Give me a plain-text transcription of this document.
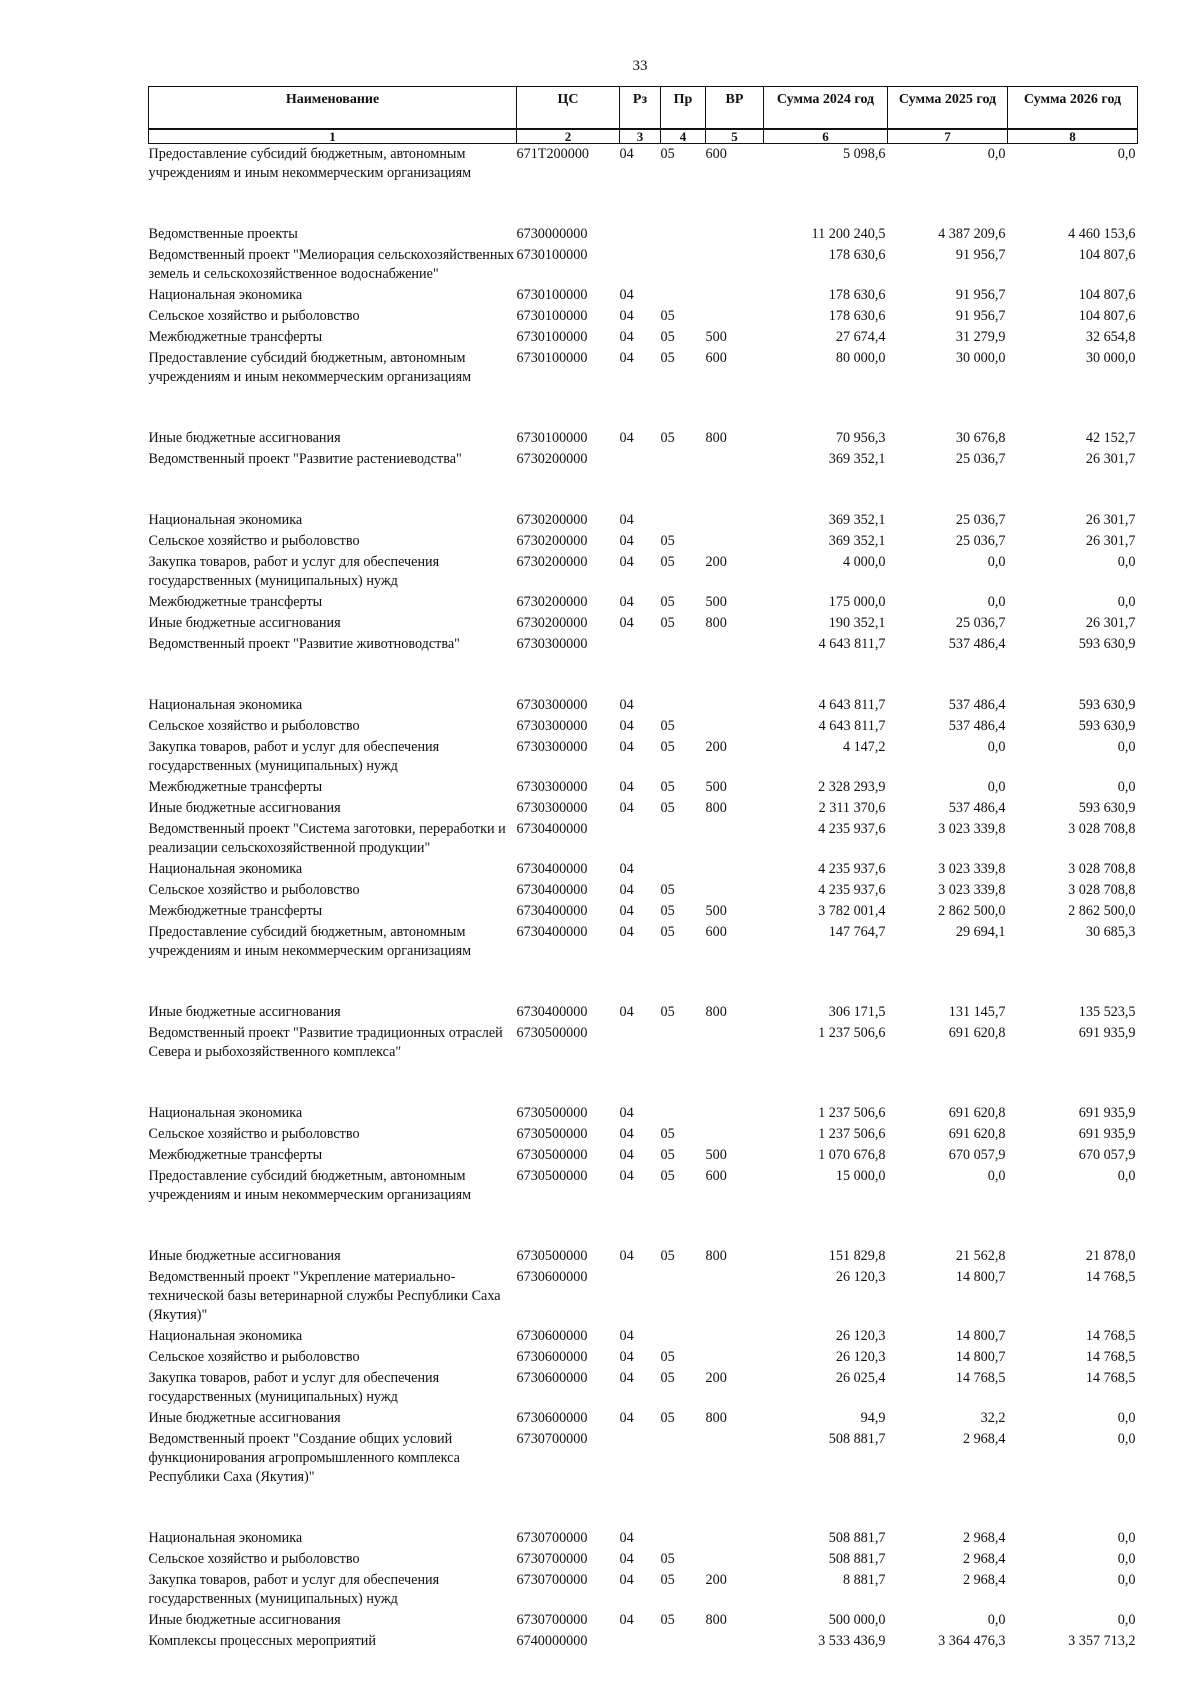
33
Наименование	ЦС	Рз	Пр	ВР	Сумма 2024 год	Сумма 2025 год	Сумма 2026 год
1	2	3	4	5	6	7	8
Предоставление субсидий бюджетным, автономным учреждениям и иным некоммерческим организациям	671Т200000	04	05	600	5 098,6	0,0	0,0

Ведомственные проекты	6730000000				11 200 240,5	4 387 209,6	4 460 153,6
Ведомственный проект "Мелиорация сельскохозяйственных земель и сельскохозяйственное водоснабжение"	6730100000				178 630,6	91 956,7	104 807,6
Национальная экономика	6730100000	04			178 630,6	91 956,7	104 807,6
Сельское хозяйство и рыболовство	6730100000	04	05		178 630,6	91 956,7	104 807,6
Межбюджетные трансферты	6730100000	04	05	500	27 674,4	31 279,9	32 654,8
Предоставление субсидий бюджетным, автономным учреждениям и иным некоммерческим организациям	6730100000	04	05	600	80 000,0	30 000,0	30 000,0

Иные бюджетные ассигнования	6730100000	04	05	800	70 956,3	30 676,8	42 152,7
Ведомственный проект "Развитие растениеводства"	6730200000				369 352,1	25 036,7	26 301,7

Национальная экономика	6730200000	04			369 352,1	25 036,7	26 301,7
Сельское хозяйство и рыболовство	6730200000	04	05		369 352,1	25 036,7	26 301,7
Закупка товаров, работ и услуг для обеспечения государственных (муниципальных) нужд	6730200000	04	05	200	4 000,0	0,0	0,0
Межбюджетные трансферты	6730200000	04	05	500	175 000,0	0,0	0,0
Иные бюджетные ассигнования	6730200000	04	05	800	190 352,1	25 036,7	26 301,7
Ведомственный проект "Развитие животноводства"	6730300000				4 643 811,7	537 486,4	593 630,9

Национальная экономика	6730300000	04			4 643 811,7	537 486,4	593 630,9
Сельское хозяйство и рыболовство	6730300000	04	05		4 643 811,7	537 486,4	593 630,9
Закупка товаров, работ и услуг для обеспечения государственных (муниципальных) нужд	6730300000	04	05	200	4 147,2	0,0	0,0
Межбюджетные трансферты	6730300000	04	05	500	2 328 293,9	0,0	0,0
Иные бюджетные ассигнования	6730300000	04	05	800	2 311 370,6	537 486,4	593 630,9
Ведомственный проект "Система заготовки, переработки и реализации сельскохозяйственной продукции"	6730400000				4 235 937,6	3 023 339,8	3 028 708,8
Национальная экономика	6730400000	04			4 235 937,6	3 023 339,8	3 028 708,8
Сельское хозяйство и рыболовство	6730400000	04	05		4 235 937,6	3 023 339,8	3 028 708,8
Межбюджетные трансферты	6730400000	04	05	500	3 782 001,4	2 862 500,0	2 862 500,0
Предоставление субсидий бюджетным, автономным учреждениям и иным некоммерческим организациям	6730400000	04	05	600	147 764,7	29 694,1	30 685,3

Иные бюджетные ассигнования	6730400000	04	05	800	306 171,5	131 145,7	135 523,5
Ведомственный проект "Развитие традиционных отраслей Севера и рыбохозяйственного комплекса"	6730500000				1 237 506,6	691 620,8	691 935,9

Национальная экономика	6730500000	04			1 237 506,6	691 620,8	691 935,9
Сельское хозяйство и рыболовство	6730500000	04	05		1 237 506,6	691 620,8	691 935,9
Межбюджетные трансферты	6730500000	04	05	500	1 070 676,8	670 057,9	670 057,9
Предоставление субсидий бюджетным, автономным учреждениям и иным некоммерческим организациям	6730500000	04	05	600	15 000,0	0,0	0,0

Иные бюджетные ассигнования	6730500000	04	05	800	151 829,8	21 562,8	21 878,0
Ведомственный проект "Укрепление материально-технической базы ветеринарной службы Республики Саха (Якутия)"	6730600000				26 120,3	14 800,7	14 768,5
Национальная экономика	6730600000	04			26 120,3	14 800,7	14 768,5
Сельское хозяйство и рыболовство	6730600000	04	05		26 120,3	14 800,7	14 768,5
Закупка товаров, работ и услуг для обеспечения государственных (муниципальных) нужд	6730600000	04	05	200	26 025,4	14 768,5	14 768,5
Иные бюджетные ассигнования	6730600000	04	05	800	94,9	32,2	0,0
Ведомственный проект "Создание общих условий функционирования агропромышленного комплекса Республики Саха (Якутия)"	6730700000				508 881,7	2 968,4	0,0

Национальная экономика	6730700000	04			508 881,7	2 968,4	0,0
Сельское хозяйство и рыболовство	6730700000	04	05		508 881,7	2 968,4	0,0
Закупка товаров, работ и услуг для обеспечения государственных (муниципальных) нужд	6730700000	04	05	200	8 881,7	2 968,4	0,0
Иные бюджетные ассигнования	6730700000	04	05	800	500 000,0	0,0	0,0
Комплексы процессных мероприятий	6740000000				3 533 436,9	3 364 476,3	3 357 713,2
